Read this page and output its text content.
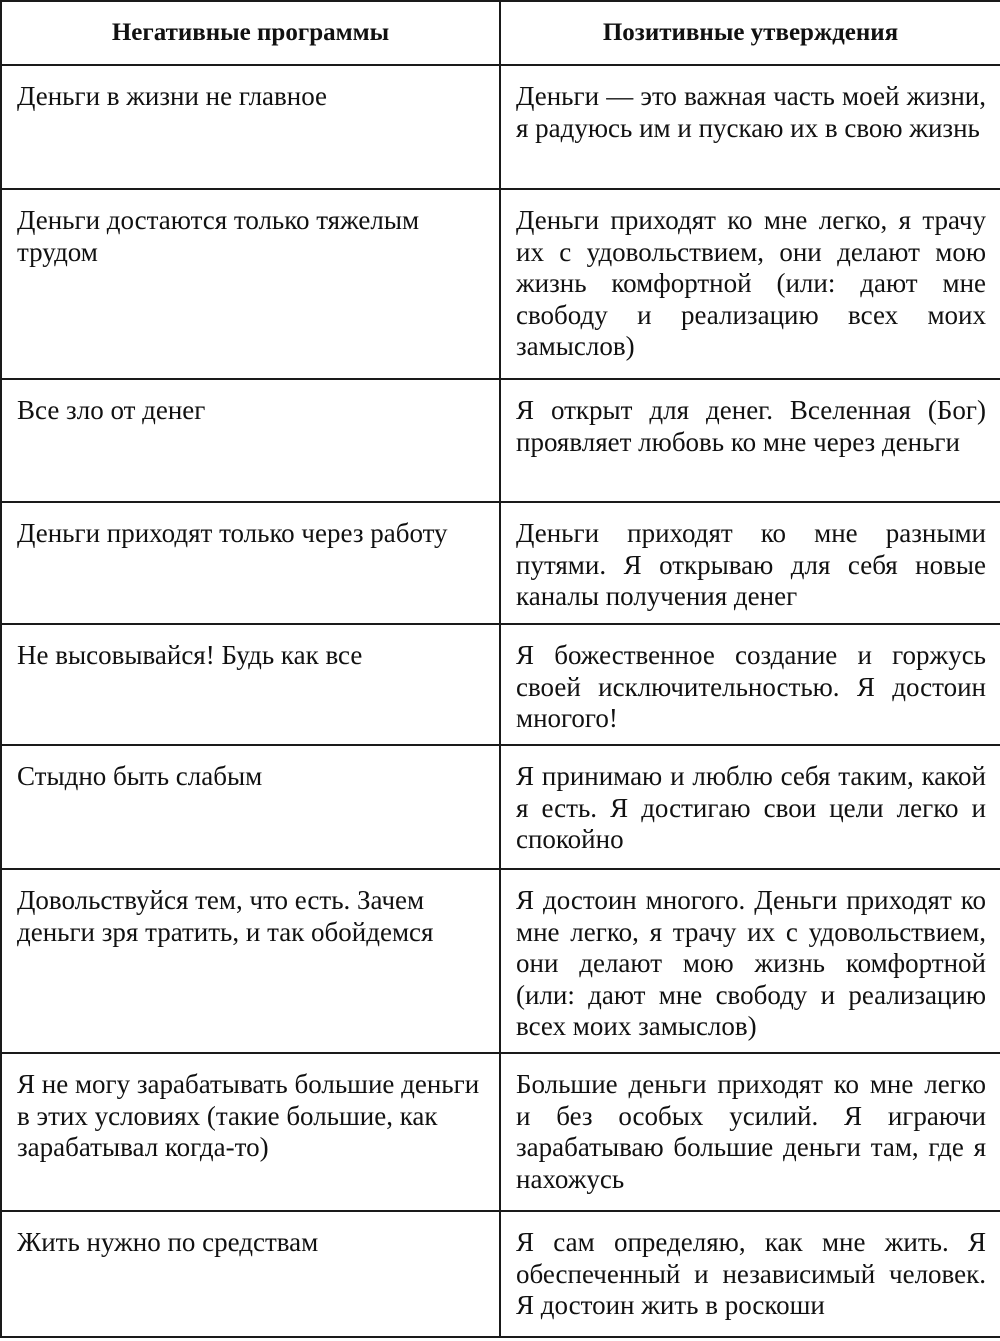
Негативные программы	Позитивные утверждения
Деньги в жизни не главное	Деньги — это важная часть моей жизни, я радуюсь им и пускаю их в свою жизнь
Деньги достаются только тяжелым трудом	Деньги приходят ко мне легко, я трачу их с удовольствием, они делают мою жизнь комфортной (или: дают мне свободу и реализацию всех моих замыслов)
Все зло от денег	Я открыт для денег. Вселенная (Бог) проявляет любовь ко мне через деньги
Деньги приходят только через работу	Деньги приходят ко мне разными путями. Я открываю для себя новые каналы получения денег
Не высовывайся! Будь как все	Я божественное создание и горжусь своей исключительностью. Я достоин многого!
Стыдно быть слабым	Я принимаю и люблю себя таким, какой я есть. Я достигаю свои цели легко и спокойно
Довольствуйся тем, что есть. Зачем деньги зря тратить, и так обойдемся	Я достоин многого. Деньги приходят ко мне легко, я трачу их с удовольствием, они делают мою жизнь комфортной (или: дают мне свободу и реализацию всех моих замыслов)
Я не могу зарабатывать большие деньги в этих условиях (такие большие, как зарабатывал когда-то)	Большие деньги приходят ко мне легко и без особых усилий. Я играючи зарабатываю большие деньги там, где я нахожусь
Жить нужно по средствам	Я сам определяю, как мне жить. Я обеспеченный и независимый человек. Я достоин жить в роскоши
